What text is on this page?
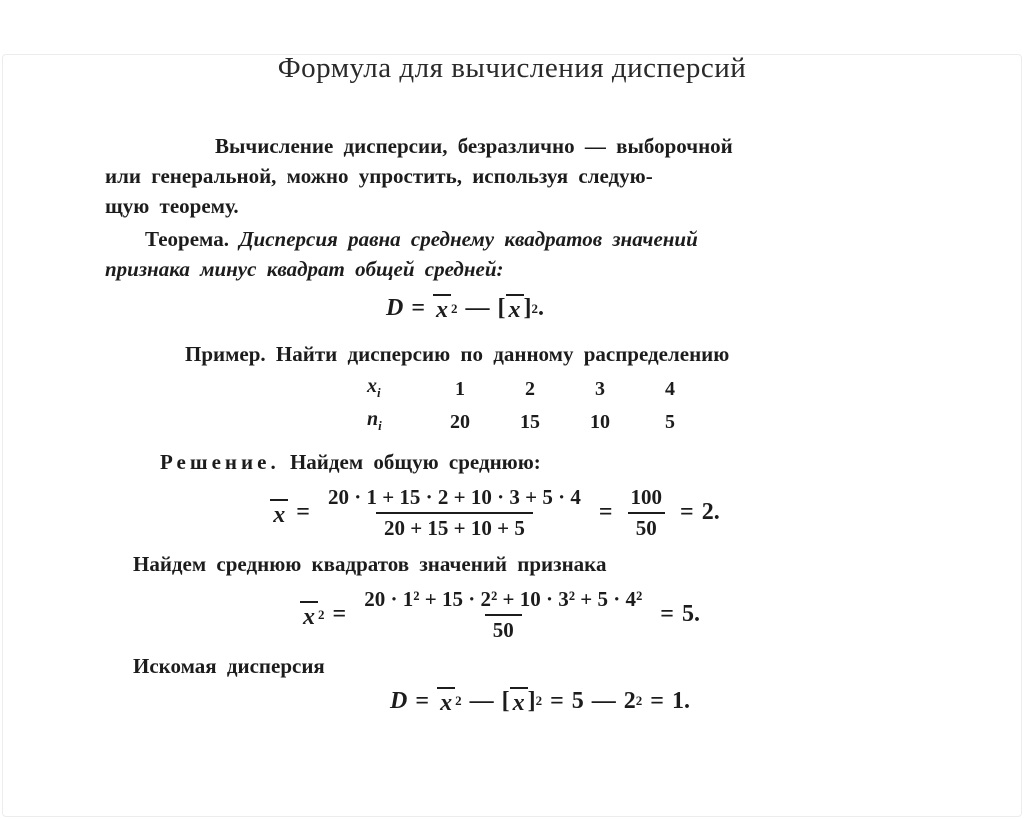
Формула для вычисления дисперсий
Вычисление дисперсии, безразлично — выборочной
или генеральной, можно упростить, используя следую-
щую теорему.
Теорема. Дисперсия равна среднему квадратов значений
признака минус квадрат общей средней:
D = x 2 — [ x ] 2 .
Пример. Найти дисперсию по данному распределению
$x_i$	1	2	3	4
$n_i$	20	15	10	5
Решение. Найдем общую среднюю:
$x = \frac{20 \cdot 1 + 15 \cdot 2 + 10 \cdot 3 + 5 \cdot 4}{20 + 15 + 10 + 5} = \frac{100}{50} = 2$.
Найдем среднюю квадратов значений признака
x $2 = \frac{\text{20 · 1² + 15 · 2² + 10 · 3² + 5 · 4²}}{50} = 5$.
Искомая дисперсия
D = x 2 — [ x ] 2 = 5 — 2 2 = 1.
